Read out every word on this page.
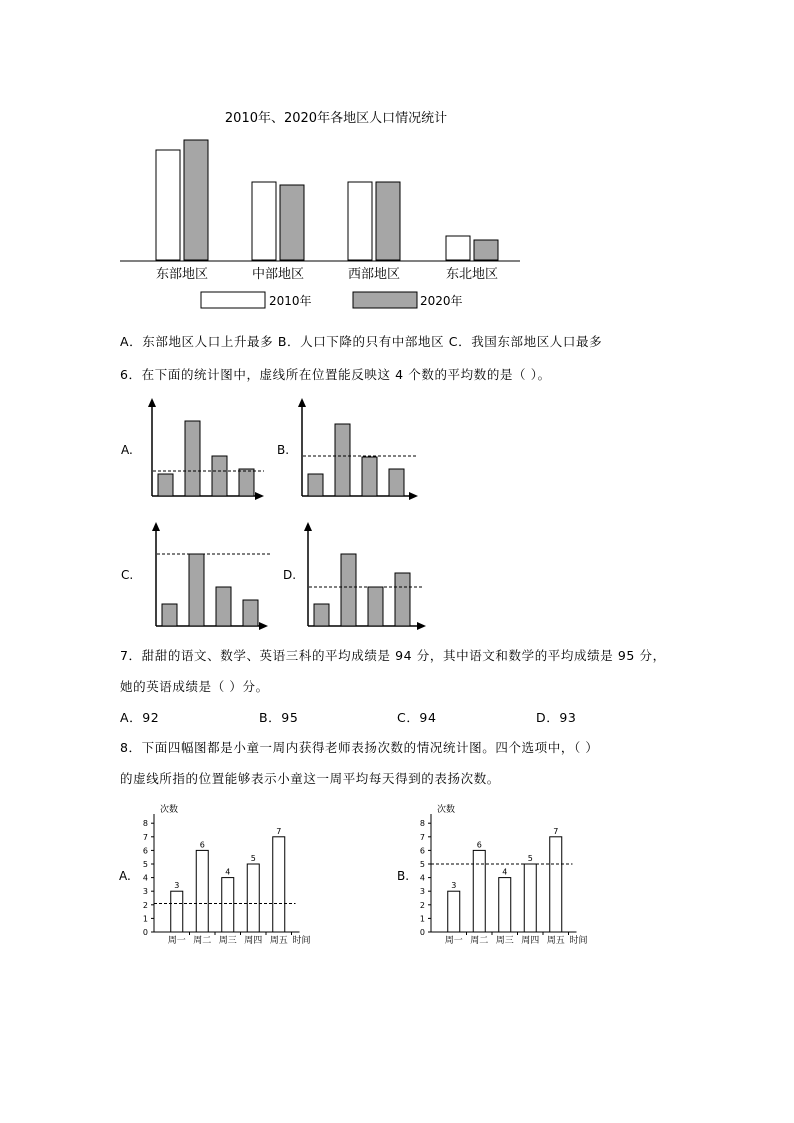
2010年、2020年各地区人口情况统计
东部地区	中部地区	西部地区	东北地区
2010年	2020年
A．东部地区人口上升最多 B．人口下降的只有中部地区 C．我国东部地区人口最多
6．在下面的统计图中，虚线所在位置能反映这 4 个数的平均数的是（ ）。
A.	B.
C.	D.
7．甜甜的语文、数学、英语三科的平均成绩是 94 分，其中语文和数学的平均成绩是 95 分，
她的英语成绩是（ ）分。
A．92	B．95	C．94	D．93
8．下面四幅图都是小童一周内获得老师表扬次数的情况统计图。四个选项中，（ ）
的虚线所指的位置能够表示小童这一周平均每天得到的表扬次数。
A.
次数
0
1
2
3
4
5
6
7
8
3
周一
6
周二
4
周三
5
周四
7
周五 时间
B.
次数
0
1
2
3
4
5
6
7
8
3
周一
6
周二
4
周三
5
周四
7
周五 时间
